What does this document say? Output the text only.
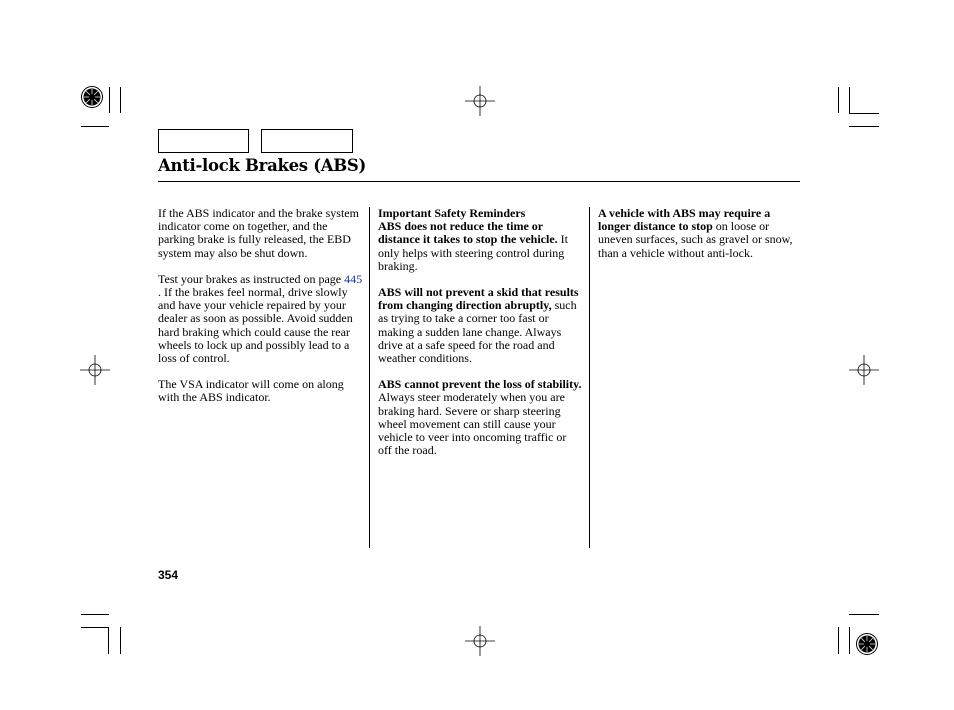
Anti-lock Brakes (ABS)

If the ABS indicator and the brake system indicator come on together, and the parking brake is fully released, the EBD system may also be shut down.

Test your brakes as instructed on page 445 . If the brakes feel normal, drive slowly and have your vehicle repaired by your dealer as soon as possible. Avoid sudden hard braking which could cause the rear wheels to lock up and possibly lead to a loss of control.

The VSA indicator will come on along with the ABS indicator.

Important Safety Reminders

ABS does not reduce the time or distance it takes to stop the vehicle. It only helps with steering control during braking.

ABS will not prevent a skid that results from changing direction abruptly, such as trying to take a corner too fast or making a sudden lane change. Always drive at a safe speed for the road and weather conditions.

ABS cannot prevent the loss of stability. Always steer moderately when you are braking hard. Severe or sharp steering wheel movement can still cause your vehicle to veer into oncoming traffic or off the road.

A vehicle with ABS may require a longer distance to stop on loose or uneven surfaces, such as gravel or snow, than a vehicle without anti-lock.

354
